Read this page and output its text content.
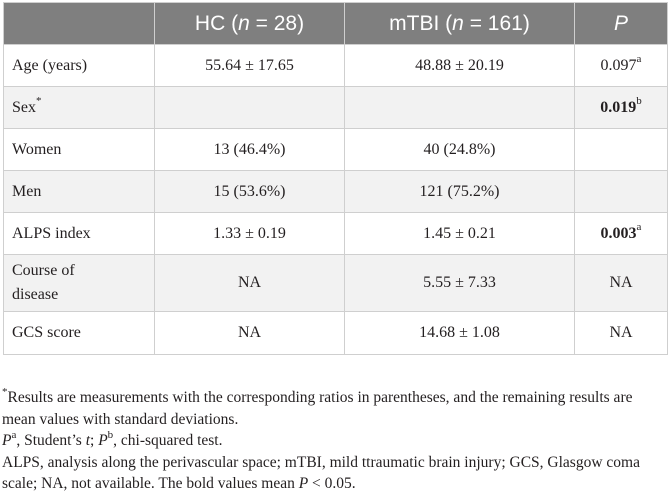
	HC (n = 28)	mTBI (n = 161)	P
Age (years)	55.64 ± 17.65	48.88 ± 20.19	0.097$^a$
Sex*			0.019$^b$
Women	13 (46.4%)	40 (24.8%)	
Men	15 (53.6%)	121 (75.2%)	
ALPS index	1.33 ± 0.19	1.45 ± 0.21	0.003$^a$
Course of
disease	NA	5.55 ± 7.33	NA
GCS score	NA	14.68 ± 1.08	NA

*Results are measurements with the corresponding ratios in parentheses, and the remaining results are mean values with standard deviations.

$P^a$, Student’s t; $P^b$, chi-squared test.

ALPS, analysis along the perivascular space; mTBI, mild ttraumatic brain injury; GCS, Glasgow coma scale; NA, not available. The bold values mean P < 0.05.
